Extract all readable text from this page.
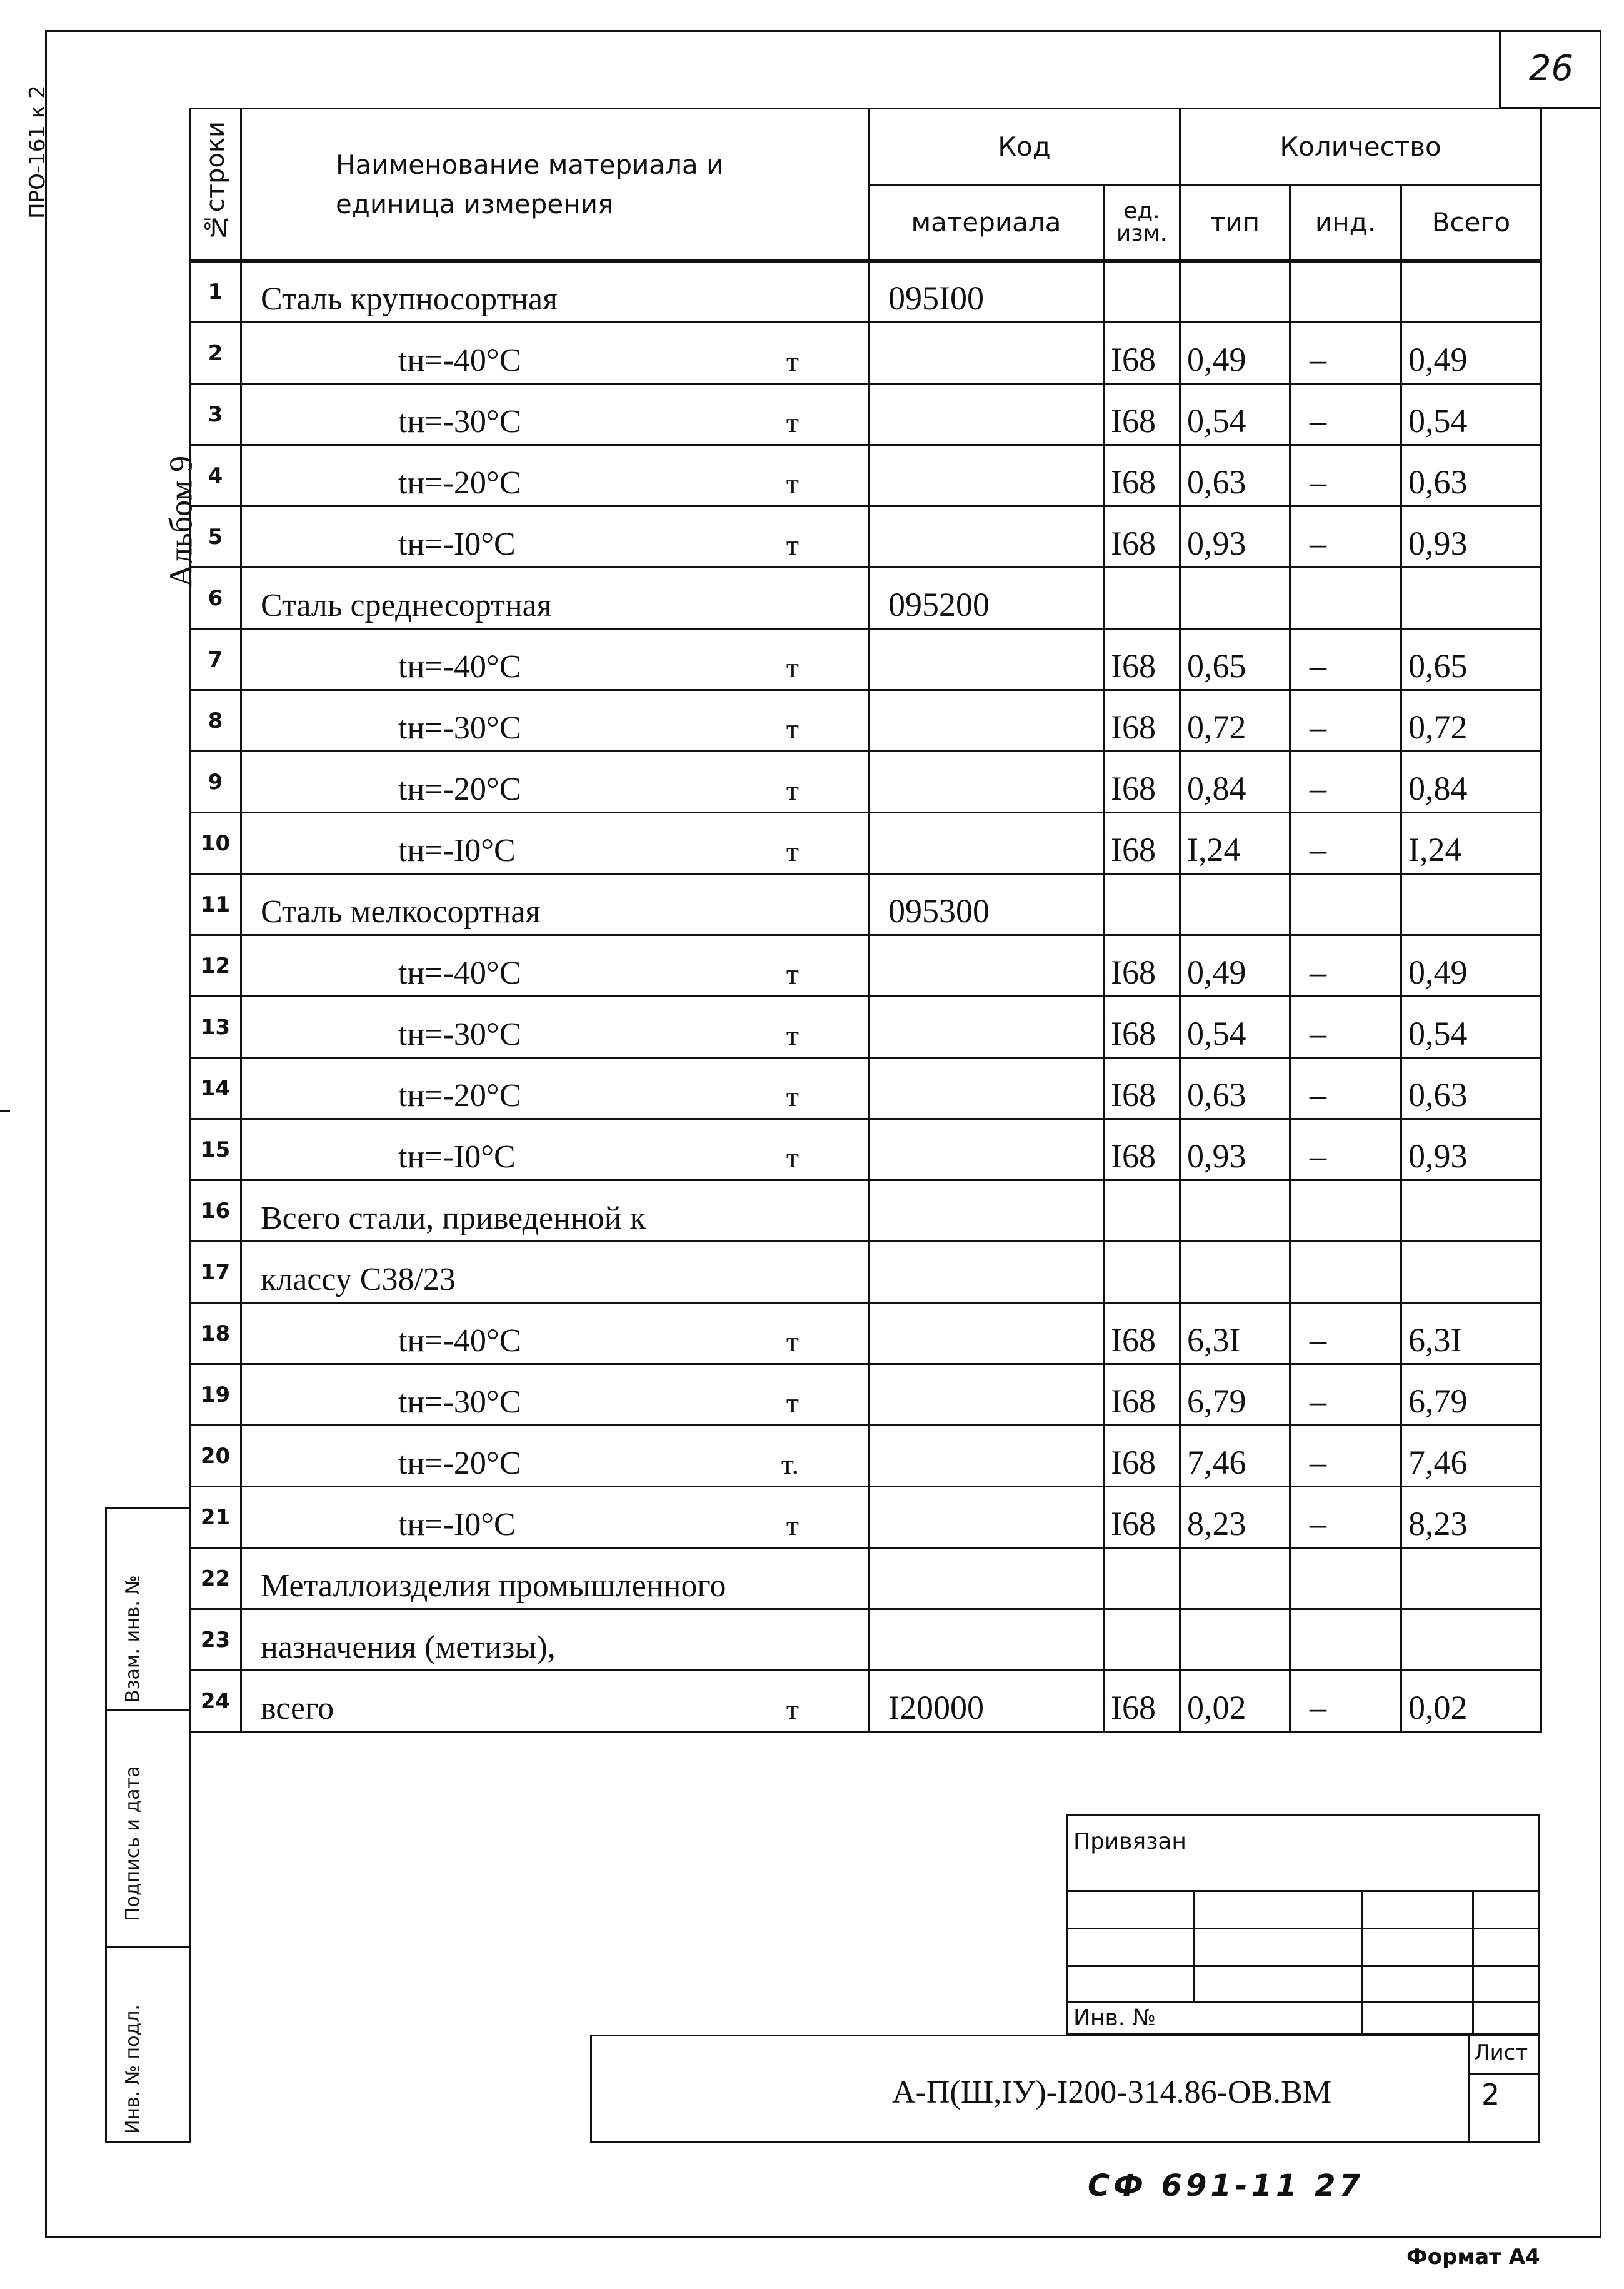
26
ПРО-161 к 2
Альбом 9
Взам. инв. №
Подпись и дата
Инв. № подл.
№строки	Наименование материала и единица измерения	Код		Количество		
		материала	ед. изм.	тип	инд.	Всего
1	Сталь крупносортная	095I00				
2	tн=-40°C т		I68	0,49	–	0,49
3	tн=-30°C т		I68	0,54	–	0,54
4	tн=-20°C т		I68	0,63	–	0,63
5	tн=-I0°C т		I68	0,93	–	0,93
6	Сталь среднесортная	095200				
7	tн=-40°C т		I68	0,65	–	0,65
8	tн=-30°C т		I68	0,72	–	0,72
9	tн=-20°C т		I68	0,84	–	0,84
10	tн=-I0°C т		I68	I,24	–	I,24
11	Сталь мелкосортная	095300				
12	tн=-40°C т		I68	0,49	–	0,49
13	tн=-30°C т		I68	0,54	–	0,54
14	tн=-20°C т		I68	0,63	–	0,63
15	tн=-I0°C т		I68	0,93	–	0,93
16	Всего стали, приведенной к

17	классу С38/23

18	tн=-40°C т		I68	6,3I	–	6,3I
19	tн=-30°C т		I68	6,79	–	6,79
20	tн=-20°C т.		I68	7,46	–	7,46
21	tн=-I0°C т		I68	8,23	–	8,23
22	Металлоизделия промышленного

23	назначения (метизы),

24	всего т	I20000	I68	0,02	–	0,02
Привязан
Инв. №
А-П(Ш,IУ)-I200-314.86-ОВ.ВМ
Лист
2
СФ 691-11 27
Формат А4
